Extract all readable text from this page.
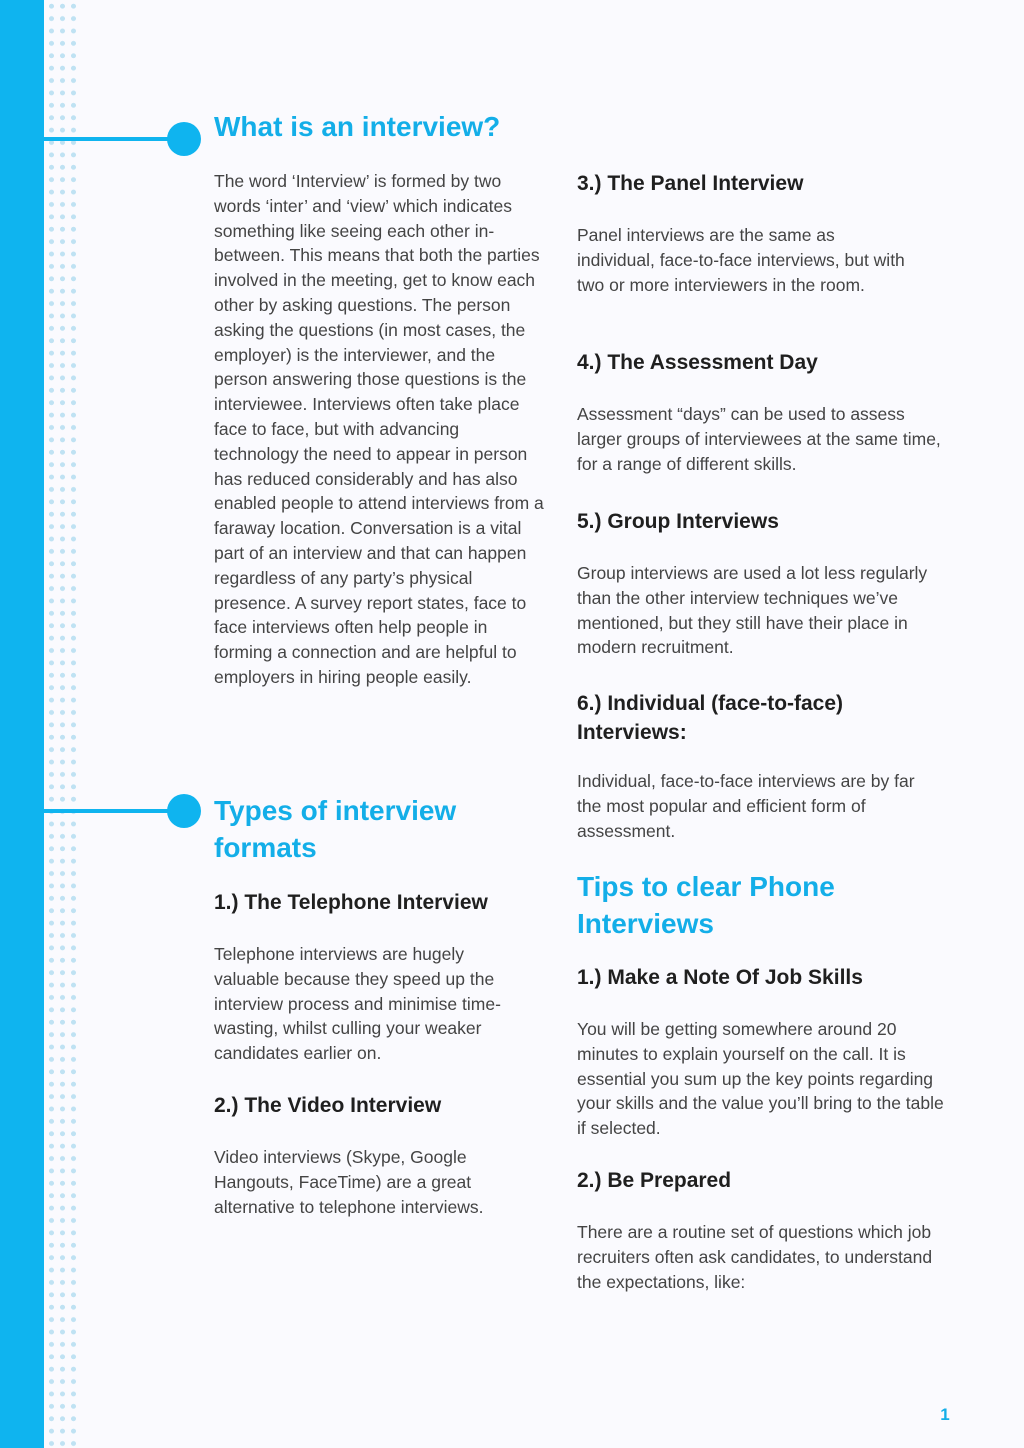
What is an interview?

The word ‘Interview’ is formed by two words ‘inter’ and ‘view’ which indicates something like seeing each other in-between. This means that both the parties involved in the meeting, get to know each other by asking questions. The person asking the questions (in most cases, the employer) is the interviewer, and the person answering those questions is the interviewee. Interviews often take place face to face, but with advancing technology the need to appear in person has reduced considerably and has also enabled people to attend interviews from a faraway location. Conversation is a vital part of an interview and that can happen regardless of any party’s physical presence. A survey report states, face to face interviews often help people in forming a connection and are helpful to employers in hiring people easily.

Types of interview formats
1.) The Telephone Interview

Telephone interviews are hugely valuable because they speed up the interview process and minimise time-wasting, whilst culling your weaker candidates earlier on.

2.) The Video Interview

Video interviews (Skype, Google Hangouts, FaceTime) are a great alternative to telephone interviews.

3.) The Panel Interview

Panel interviews are the same as individual, face-to-face interviews, but with two or more interviewers in the room.

4.) The Assessment Day

Assessment “days” can be used to assess larger groups of interviewees at the same time, for a range of different skills.

5.) Group Interviews

Group interviews are used a lot less regularly than the other interview techniques we’ve mentioned, but they still have their place in modern recruitment.

6.) Individual (face-to-face) Interviews:

Individual, face-to-face interviews are by far the most popular and efficient form of assessment.

Tips to clear Phone Interviews
1.) Make a Note Of Job Skills

You will be getting somewhere around 20 minutes to explain yourself on the call. It is essential you sum up the key points regarding your skills and the value you’ll bring to the table if selected.

2.) Be Prepared

There are a routine set of questions which job recruiters often ask candidates, to understand the expectations, like:

1
